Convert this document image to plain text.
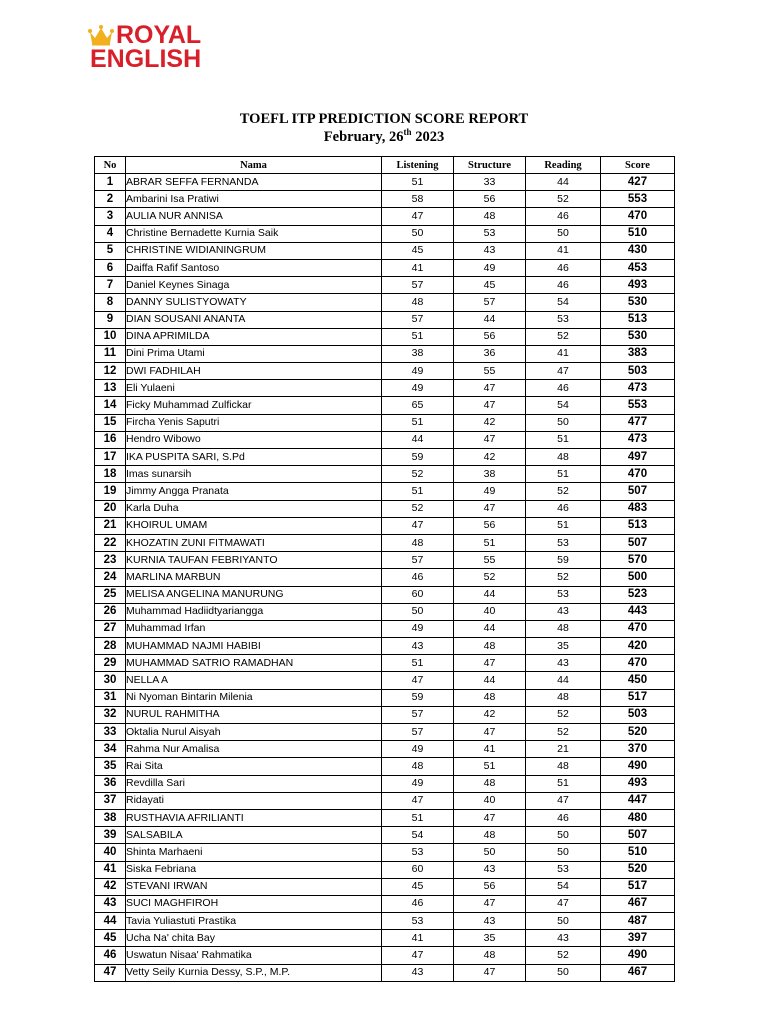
ROYAL
ENGLISH
TOEFL ITP PREDICTION SCORE REPORT
February, 26th 2023
No	Nama	Listening	Structure	Reading	Score
1	ABRAR SEFFA FERNANDA	51	33	44	427
2	Ambarini Isa Pratiwi	58	56	52	553
3	AULIA NUR ANNISA	47	48	46	470
4	Christine Bernadette Kurnia Saik	50	53	50	510
5	CHRISTINE WIDIANINGRUM	45	43	41	430
6	Daiffa Rafif Santoso	41	49	46	453
7	Daniel Keynes Sinaga	57	45	46	493
8	DANNY SULISTYOWATY	48	57	54	530
9	DIAN SOUSANI ANANTA	57	44	53	513
10	DINA APRIMILDA	51	56	52	530
11	Dini Prima Utami	38	36	41	383
12	DWI FADHILAH	49	55	47	503
13	Eli Yulaeni	49	47	46	473
14	Ficky Muhammad Zulfickar	65	47	54	553
15	Fircha Yenis Saputri	51	42	50	477
16	Hendro Wibowo	44	47	51	473
17	IKA PUSPITA SARI, S.Pd	59	42	48	497
18	Imas sunarsih	52	38	51	470
19	Jimmy Angga Pranata	51	49	52	507
20	Karla Duha	52	47	46	483
21	KHOIRUL UMAM	47	56	51	513
22	KHOZATIN ZUNI FITMAWATI	48	51	53	507
23	KURNIA TAUFAN FEBRIYANTO	57	55	59	570
24	MARLINA MARBUN	46	52	52	500
25	MELISA ANGELINA MANURUNG	60	44	53	523
26	Muhammad Hadiidtyariangga	50	40	43	443
27	Muhammad Irfan	49	44	48	470
28	MUHAMMAD NAJMI HABIBI	43	48	35	420
29	MUHAMMAD SATRIO RAMADHAN	51	47	43	470
30	NELLA A	47	44	44	450
31	Ni Nyoman Bintarin Milenia	59	48	48	517
32	NURUL RAHMITHA	57	42	52	503
33	Oktalia Nurul Aisyah	57	47	52	520
34	Rahma Nur Amalisa	49	41	21	370
35	Rai Sita	48	51	48	490
36	Revdilla Sari	49	48	51	493
37	Ridayati	47	40	47	447
38	RUSTHAVIA AFRILIANTI	51	47	46	480
39	SALSABILA	54	48	50	507
40	Shinta Marhaeni	53	50	50	510
41	Siska Febriana	60	43	53	520
42	STEVANI IRWAN	45	56	54	517
43	SUCI MAGHFIROH	46	47	47	467
44	Tavia Yuliastuti Prastika	53	43	50	487
45	Ucha Na' chita Bay	41	35	43	397
46	Uswatun Nisaa' Rahmatika	47	48	52	490
47	Vetty Seily Kurnia Dessy, S.P., M.P.	43	47	50	467
